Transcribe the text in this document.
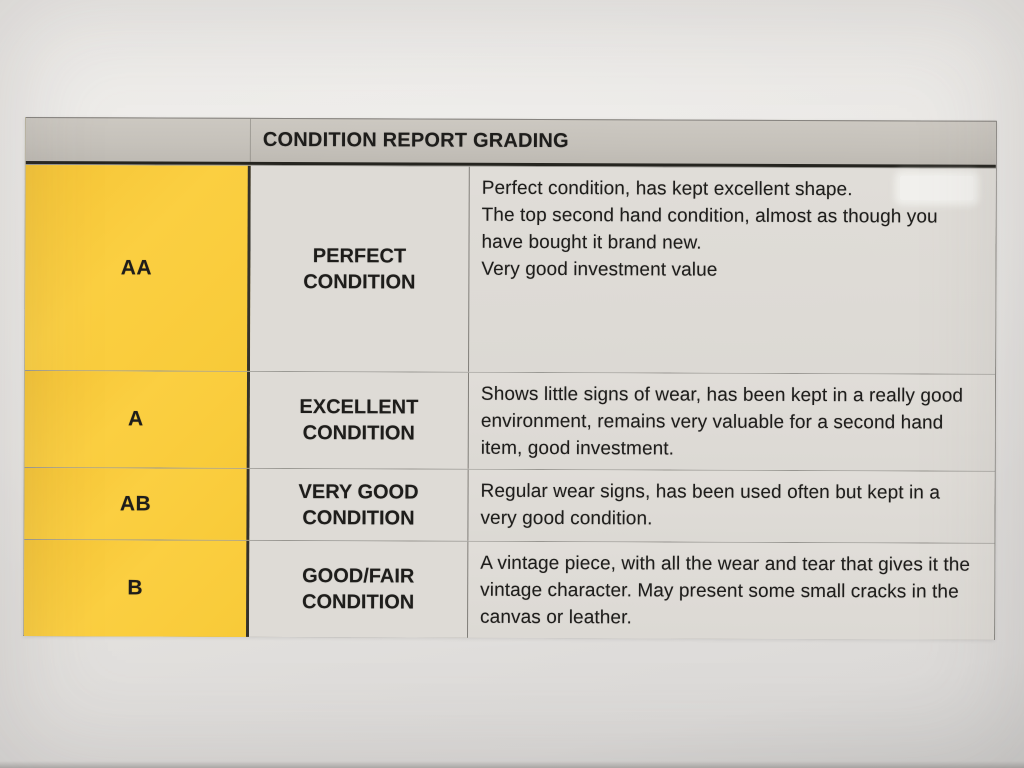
CONDITION REPORT GRADING
AA
PERFECT
CONDITION

Perfect condition, has kept excellent shape.

The top second hand condition, almost as though you have bought it brand new.

Very good investment value

A
EXCELLENT
CONDITION

Shows little signs of wear, has been kept in a really good environment, remains very valuable for a second hand item, good investment.

AB
VERY GOOD
CONDITION

Regular wear signs, has been used often but kept in a very good condition.

B
GOOD/FAIR
CONDITION

A vintage piece, with all the wear and tear that gives it the vintage character. May present some small cracks in the canvas or leather.
